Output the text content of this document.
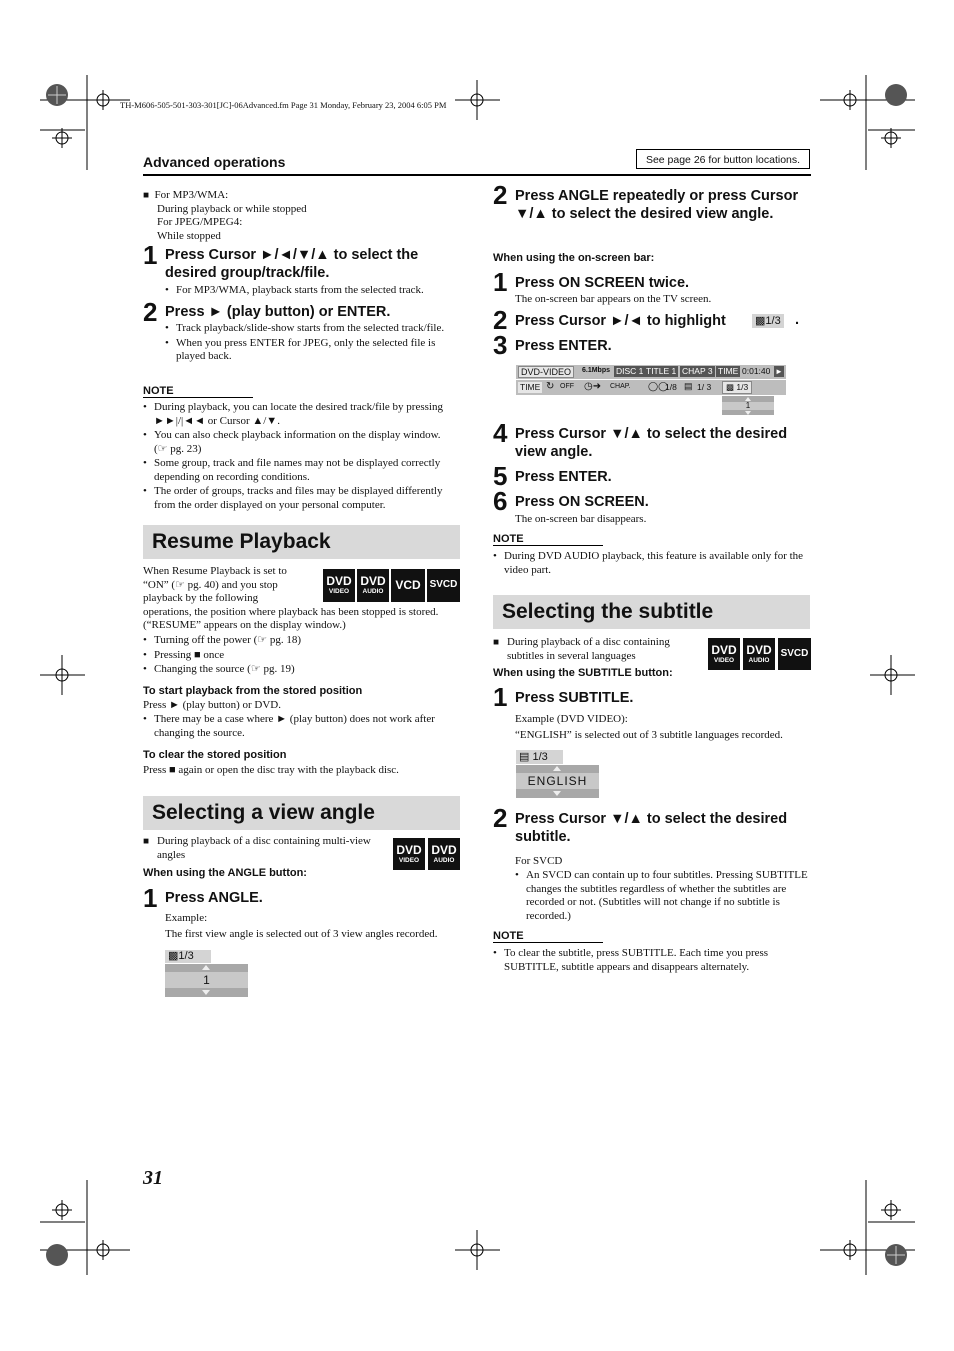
TH-M606-505-501-303-301[JC]-06Advanced.fm Page 31 Monday, February 23, 2004 6:05 PM
Advanced operations	See page 26 for button locations.
■ For MP3/WMA:
During playback or while stopped
For JPEG/MPEG4:
While stopped
1 Press Cursor ►/◄/▼/▲ to select the desired group/track/file.
• For MP3/WMA, playback starts from the selected track.
2 Press ► (play button) or ENTER.
• Track playback/slide-show starts from the selected track/file.
• When you press ENTER for JPEG, only the selected file is played back.
NOTE
• During playback, you can locate the desired track/file by pressing ►►|/|◄◄ or Cursor ▲/▼.
• You can also check playback information on the display window. (☞ pg. 23)
• Some group, track and file names may not be displayed correctly depending on recording conditions.
• The order of groups, tracks and files may be displayed differently from the order displayed on your personal computer.
Resume Playback
When Resume Playback is set to
“ON” (☞ pg. 40) and you stop
playback by the following
operations, the position where playback has been stopped is stored.
(“RESUME” appears on the display window.)
DVD
VIDEO
DVD
AUDIO VCD SVCD
• Turning off the power (☞ pg. 18)
• Pressing ■ once
• Changing the source (☞ pg. 19)
To start playback from the stored position
Press ► (play button) or DVD.
• There may be a case where ► (play button) does not work after changing the source.
To clear the stored position
Press ■ again or open the disc tray with the playback disc.
Selecting a view angle
■ During playback of a disc containing multi-view angles	DVD
VIDEO
DVD
AUDIO
When using the ANGLE button:
1 Press ANGLE.
Example:
The first view angle is selected out of 3 view angles recorded.
▩1/3
1
2 Press ANGLE repeatedly or press Cursor ▼/▲ to select the desired view angle.
When using the on-screen bar:
1 Press ON SCREEN twice.
The on-screen bar appears on the TV screen.
2 Press Cursor ►/◄ to highlight	▩1/3 .
3 Press ENTER.
DVD-VIDEO	6.1Mbps DISC 1 TITLE 1 CHAP 3 TIME 0:01:40 ►
TIME ↻ OFF ◷➜ CHAP. ◯◯
1/8 ▤ 1/ 3	▩ 1/3
1
4 Press Cursor ▼/▲ to select the desired view angle.
5 Press ENTER.
6 Press ON SCREEN.
The on-screen bar disappears.
NOTE
• During DVD AUDIO playback, this feature is available only for the video part.
Selecting the subtitle
■ During playback of a disc containing subtitles in several languages	DVD
VIDEO
DVD
AUDIO
SVCD
When using the SUBTITLE button:
1 Press SUBTITLE.
Example (DVD VIDEO):
“ENGLISH” is selected out of 3 subtitle languages recorded.
▤ 1/3
ENGLISH
2 Press Cursor ▼/▲ to select the desired subtitle.
For SVCD
• An SVCD can contain up to four subtitles. Pressing SUBTITLE changes the subtitles regardless of whether the subtitles are recorded or not. (Subtitles will not change if no subtitle is recorded.)
NOTE
• To clear the subtitle, press SUBTITLE. Each time you press SUBTITLE, subtitle appears and disappears alternately.
31
